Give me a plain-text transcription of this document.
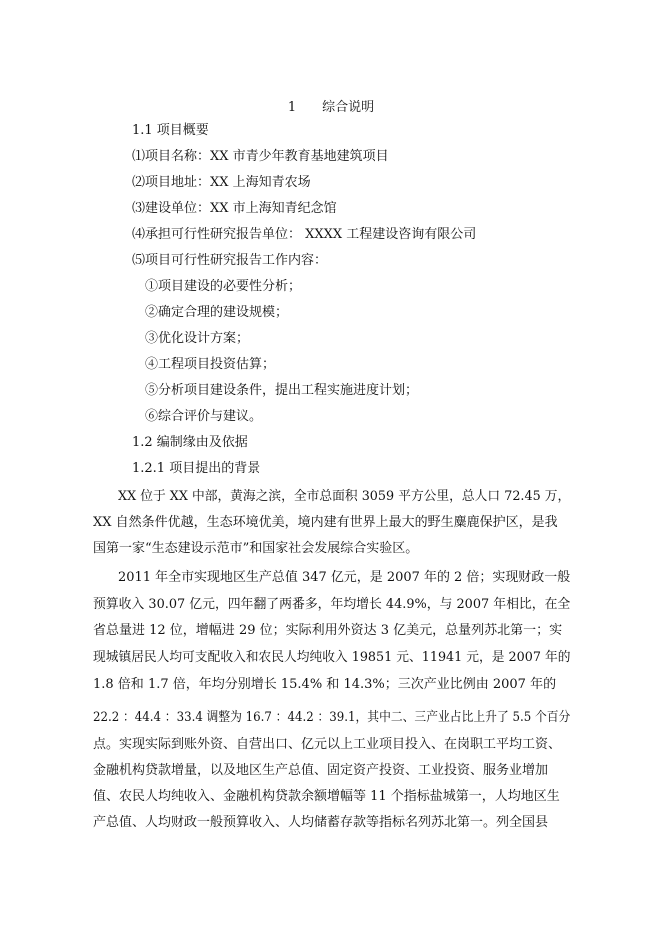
1　　综合说明
1.1 项目概要
⑴项目名称：XX 市青少年教育基地建筑项目
⑵项目地址：XX 上海知青农场
⑶建设单位：XX 市上海知青纪念馆
⑷承担可行性研究报告单位： XXXX 工程建设咨询有限公司
⑸项目可行性研究报告工作内容：
①项目建设的必要性分析；
②确定合理的建设规模；
③优化设计方案；
④工程项目投资估算；
⑤分析项目建设条件，提出工程实施进度计划；
⑥综合评价与建议。
1.2 编制缘由及依据
1.2.1 项目提出的背景
XX 位于 XX 中部，黄海之滨，全市总面积 3059 平方公里，总人口 72.45 万，
XX 自然条件优越，生态环境优美，境内建有世界上最大的野生麋鹿保护区，是我
国第一家“生态建设示范市”和国家社会发展综合实验区。
2011 年全市实现地区生产总值 347 亿元，是 2007 年的 2 倍；实现财政一般
预算收入 30.07 亿元，四年翻了两番多，年均增长 44.9%，与 2007 年相比，在全
省总量进 12 位，增幅进 29 位；实际利用外资达 3 亿美元，总量列苏北第一；实
现城镇居民人均可支配收入和农民人均纯收入 19851 元、11941 元，是 2007 年的
1.8 倍和 1.7 倍，年均分别增长 15.4% 和 14.3%；三次产业比例由 2007 年的
22.2 ：44.4 ：33.4 调整为 16.7 ：44.2 ：39.1，其中二、三产业占比上升了 5.5 个百分
点。实现实际到账外资、自营出口、亿元以上工业项目投入、在岗职工平均工资、
金融机构贷款增量，以及地区生产总值、固定资产投资、工业投资、服务业增加
值、农民人均纯收入、金融机构贷款余额增幅等 11 个指标盐城第一，人均地区生
产总值、人均财政一般预算收入、人均储蓄存款等指标名列苏北第一。列全国县
